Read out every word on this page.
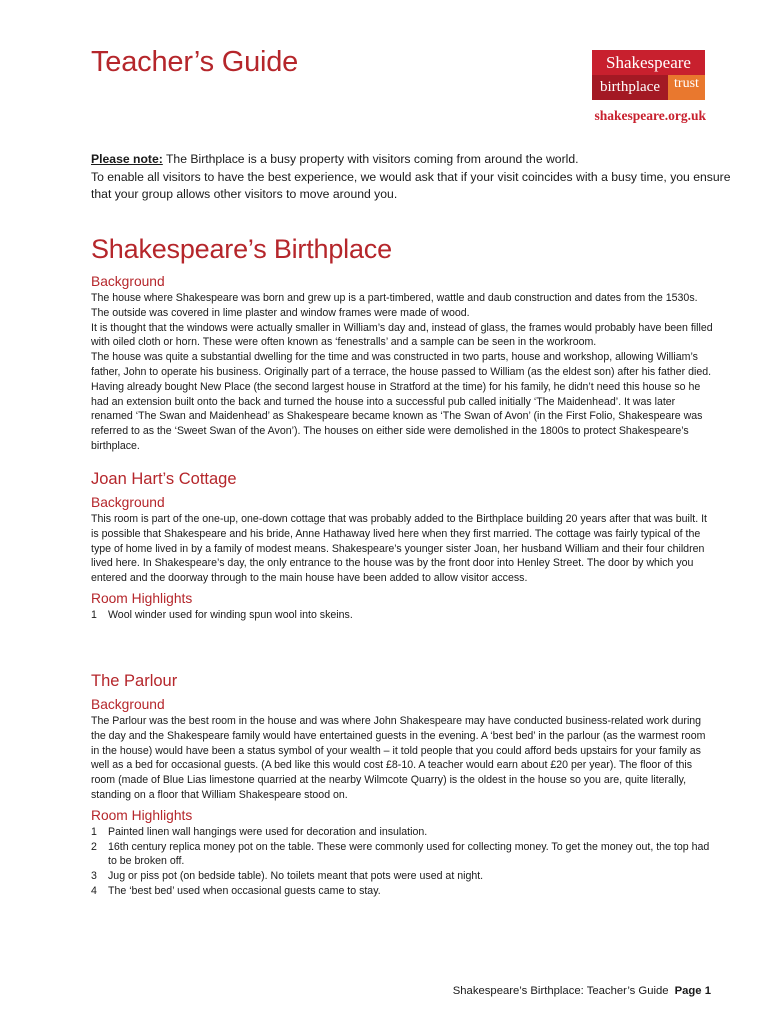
Teacher’s Guide	Shakespeare
birthplace	trust
shakespeare.org.uk

Please note: The Birthplace is a busy property with visitors coming from around the world.
To enable all visitors to have the best experience, we would ask that if your visit coincides with a busy time, you ensure that your group allows other visitors to move around you.

Shakespeare’s Birthplace
Background

The house where Shakespeare was born and grew up is a part-timbered, wattle and daub construction and dates from the 1530s. The outside was covered in lime plaster and window frames were made of wood.

It is thought that the windows were actually smaller in William’s day and, instead of glass, the frames would probably have been filled with oiled cloth or horn. These were often known as ‘fenestralls’ and a sample can be seen in the workroom.

The house was quite a substantial dwelling for the time and was constructed in two parts, house and workshop, allowing William’s father, John to operate his business. Originally part of a terrace, the house passed to William (as the eldest son) after his father died. Having already bought New Place (the second largest house in Stratford at the time) for his family, he didn’t need this house so he had an extension built onto the back and turned the house into a successful pub called initially ‘The Maidenhead’. It was later renamed ‘The Swan and Maidenhead’ as Shakespeare became known as ‘The Swan of Avon’ (in the First Folio, Shakespeare was referred to as the ‘Sweet Swan of the Avon’). The houses on either side were demolished in the 1800s to protect Shakespeare’s birthplace.

Joan Hart’s Cottage
Background

This room is part of the one-up, one-down cottage that was probably added to the Birthplace building 20 years after that was built. It is possible that Shakespeare and his bride, Anne Hathaway lived here when they first married. The cottage was fairly typical of the type of home lived in by a family of modest means. Shakespeare’s younger sister Joan, her husband William and their four children lived here. In Shakespeare’s day, the only entrance to the house was by the front door into Henley Street. The door by which you entered and the doorway through to the main house have been added to allow visitor access.

Room Highlights
1 Wool winder used for winding spun wool into skeins.
The Parlour
Background

The Parlour was the best room in the house and was where John Shakespeare may have conducted business-related work during the day and the Shakespeare family would have entertained guests in the evening. A ‘best bed’ in the parlour (as the warmest room in the house) would have been a status symbol of your wealth – it told people that you could afford beds upstairs for your family as well as a bed for occasional guests. (A bed like this would cost £8-10. A teacher would earn about £20 per year). The floor of this room (made of Blue Lias limestone quarried at the nearby Wilmcote Quarry) is the oldest in the house so you are, quite literally, standing on a floor that William Shakespeare stood on.

Room Highlights
1 Painted linen wall hangings were used for decoration and insulation.
2 16th century replica money pot on the table. These were commonly used for collecting money. To get the money out, the top had to be broken off.
3 Jug or piss pot (on bedside table). No toilets meant that pots were used at night.
4 The ‘best bed’ used when occasional guests came to stay.
Shakespeare’s Birthplace: Teacher’s Guide Page 1
